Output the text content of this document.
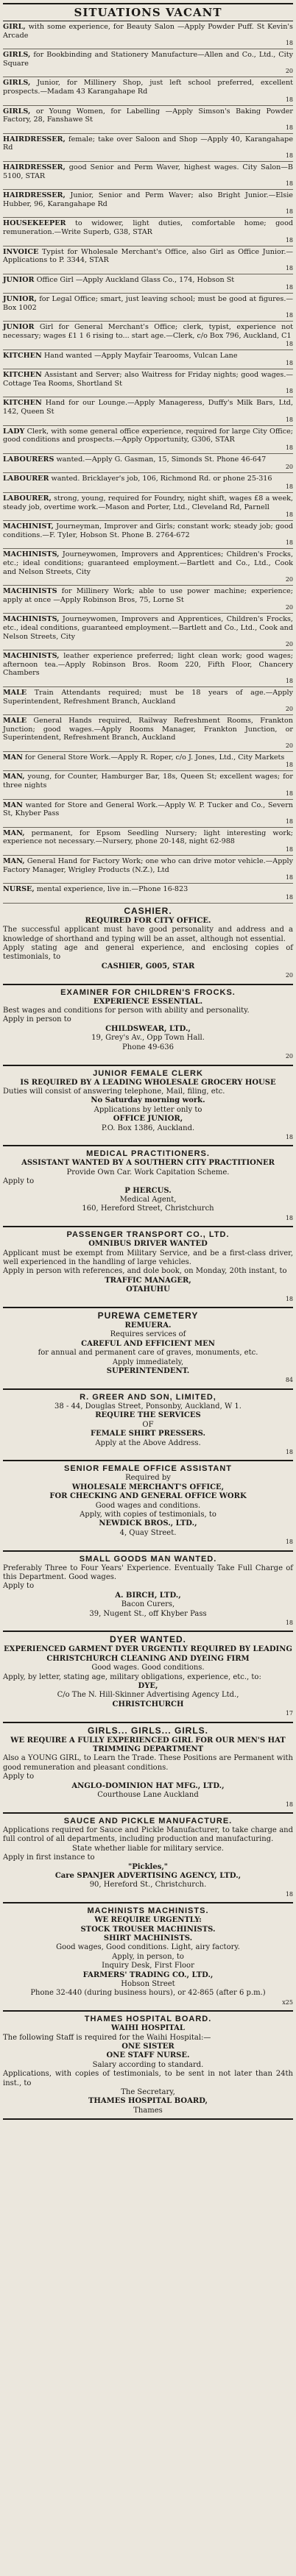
SITUATIONS VACANT
GIRL, with some experience, for Beauty Salon —Apply Powder Puff. St Kevin's Arcade
18
GIRLS, for Bookbinding and Stationery Manufacture—Allen and Co., Ltd., City Square
20
GIRLS, Junior, for Millinery Shop, just left school preferred, excellent prospects.—Madam 43 Karangahape Rd
18
GIRLS, or Young Women, for Labelling —Apply Simson's Baking Powder Factory, 28, Fanshawe St
18
HAIRDRESSER, female; take over Saloon and Shop —Apply 40, Karangahape Rd
18
HAIRDRESSER, good Senior and Perm Waver, highest wages. City Salon—B 5100, STAR
18
HAIRDRESSER, Junior, Senior and Perm Waver; also Bright Junior.—Elsie Hubber, 96, Karangahape Rd
18
HOUSEKEEPER to widower, light duties, comfortable home; good remuneration.—Write Superb, G38, STAR
18
INVOICE Typist for Wholesale Merchant's Office, also Girl as Office Junior.—Applications to P. 3344, STAR
18
JUNIOR Office Girl —Apply Auckland Glass Co., 174, Hobson St
18
JUNIOR, for Legal Office; smart, just leaving school; must be good at figures.—Box 1002
18
JUNIOR Girl for General Merchant's Office; clerk, typist, experience not necessary; wages £1 1 6 rising to... start age.—Clerk, c/o Box 796, Auckland, C1
18
KITCHEN Hand wanted —Apply Mayfair Tearooms, Vulcan Lane
18
KITCHEN Assistant and Server; also Waitress for Friday nights; good wages.—Cottage Tea Rooms, Shortland St
18
KITCHEN Hand for our Lounge.—Apply Manageress, Duffy's Milk Bars, Ltd, 142, Queen St
18
LADY Clerk, with some general office experience, required for large City Office; good conditions and prospects.—Apply Opportunity, G306, STAR
18
LABOURERS wanted.—Apply G. Gasman, 15, Simonds St. Phone 46-647
20
LABOURER wanted. Bricklayer's job, 106, Richmond Rd. or phone 25-316
18
LABOURER, strong, young, required for Foundry, night shift, wages £8 a week, steady job, overtime work.—Mason and Porter, Ltd., Cleveland Rd, Parnell
18
MACHINIST, Journeyman, Improver and Girls; constant work; steady job; good conditions.—F. Tyler, Hobson St. Phone B. 2764-672
18
MACHINISTS, Journeywomen, Improvers and Apprentices; Children's Frocks, etc.; ideal conditions; guaranteed employment.—Bartlett and Co., Ltd., Cook and Nelson Streets, City
20
MACHINISTS for Millinery Work; able to use power machine; experience; apply at once —Apply Robinson Bros, 75, Lorne St
20
MACHINISTS, Journeywomen, Improvers and Apprentices, Children's Frocks, etc., ideal conditions, guaranteed employment.—Bartlett and Co., Ltd., Cook and Nelson Streets, City
20
MACHINISTS, leather experience preferred; light clean work; good wages; afternoon tea.—Apply Robinson Bros. Room 220, Fifth Floor, Chancery Chambers
18
MALE Train Attendants required; must be 18 years of age.—Apply Superintendent, Refreshment Branch, Auckland
20
MALE General Hands required, Railway Refreshment Rooms, Frankton Junction; good wages.—Apply Rooms Manager, Frankton Junction, or Superintendent, Refreshment Branch, Auckland
20
MAN for General Store Work.—Apply R. Roper, c/o J. Jones, Ltd., City Markets
18
MAN, young, for Counter, Hamburger Bar, 18s, Queen St; excellent wages; for three nights
18
MAN wanted for Store and General Work.—Apply W. P. Tucker and Co., Severn St, Khyber Pass
18
MAN, permanent, for Epsom Seedling Nursery; light interesting work; experience not necessary.—Nursery, phone 20-148, night 62-988
18
MAN, General Hand for Factory Work; one who can drive motor vehicle.—Apply Factory Manager, Wrigley Products (N.Z.), Ltd
18
NURSE, mental experience, live in.—Phone 16-823
18
CASHIER.
REQUIRED FOR CITY OFFICE.
The successful applicant must have good personality and address and a knowledge of shorthand and typing will be an asset, although not essential.
Apply stating age and general experience, and enclosing copies of testimonials, to
CASHIER, G005, STAR
20
EXAMINER FOR CHILDREN'S FROCKS.
EXPERIENCE ESSENTIAL.
Best wages and conditions for person with ability and personality.
Apply in person to
CHILDSWEAR, LTD.,
19, Grey's Av., Opp Town Hall.
Phone 49-636
20
JUNIOR FEMALE CLERK
IS REQUIRED BY A LEADING WHOLESALE GROCERY HOUSE
Duties will consist of answering telephone, Mail, filing, etc.
No Saturday morning work.
Applications by letter only to
OFFICE JUNIOR,
P.O. Box 1386, Auckland.
18
MEDICAL PRACTITIONERS.
ASSISTANT WANTED BY A SOUTHERN CITY PRACTITIONER
Provide Own Car. Work Capitation Scheme.
Apply to
P HERCUS.
Medical Agent,
160, Hereford Street, Christchurch
18
PASSENGER TRANSPORT CO., LTD.
OMNIBUS DRIVER WANTED
Applicant must be exempt from Military Service, and be a first-class driver, well experienced in the handling of large vehicles.
Apply in person with references, and dole book, on Monday, 20th instant, to
TRAFFIC MANAGER,
OTAHUHU
18
PUREWA CEMETERY
REMUERA.
Requires services of
CAREFUL AND EFFICIENT MEN
for annual and permanent care of graves, monuments, etc.
Apply immediately,
SUPERINTENDENT.
84
R. GREER AND SON, LIMITED,
38 - 44, Douglas Street, Ponsonby, Auckland, W 1.
REQUIRE THE SERVICES
OF
FEMALE SHIRT PRESSERS.
Apply at the Above Address.
18
SENIOR FEMALE OFFICE ASSISTANT
Required by
WHOLESALE MERCHANT'S OFFICE,
FOR CHECKING AND GENERAL OFFICE WORK
Good wages and conditions.
Apply, with copies of testimonials, to
NEWDICK BROS., LTD.,
4, Quay Street.
18
SMALL GOODS MAN WANTED.
Preferably Three to Four Years' Experience. Eventually Take Full Charge of this Department. Good wages.
Apply to
A. BIRCH, LTD.,
Bacon Curers,
39, Nugent St., off Khyber Pass
18
DYER WANTED.
EXPERIENCED GARMENT DYER URGENTLY REQUIRED BY LEADING CHRISTCHURCH CLEANING AND DYEING FIRM
Good wages. Good conditions.
Apply, by letter, stating age, military obligations, experience, etc., to:
DYE,
C/o The N. Hill-Skinner Advertising Agency Ltd.,
CHRISTCHURCH
17
GIRLS... GIRLS... GIRLS.
WE REQUIRE A FULLY EXPERIENCED GIRL FOR OUR MEN'S HAT TRIMMING DEPARTMENT
Also a YOUNG GIRL, to Learn the Trade. These Positions are Permanent with good remuneration and pleasant conditions.
Apply to
ANGLO-DOMINION HAT MFG., LTD.,
Courthouse Lane Auckland
18
SAUCE AND PICKLE MANUFACTURE.
Applications required for Sauce and Pickle Manufacturer, to take charge and full control of all departments, including production and manufacturing.
State whether liable for military service.
Apply in first instance to
"Pickles,"
Care SPANJER ADVERTISING AGENCY, LTD.,
90, Hereford St., Christchurch.
18
MACHINISTS MACHINISTS.
WE REQUIRE URGENTLY:
STOCK TROUSER MACHINISTS.
SHIRT MACHINISTS.
Good wages, Good conditions. Light, airy factory.
Apply, in person, to
Inquiry Desk, First Floor
FARMERS' TRADING CO., LTD.,
Hobson Street
Phone 32-440 (during business hours), or 42-865 (after 6 p.m.)
x25
THAMES HOSPITAL BOARD.
WAIHI HOSPITAL
The following Staff is required for the Waihi Hospital:—
ONE SISTER
ONE STAFF NURSE.
Salary according to standard.
Applications, with copies of testimonials, to be sent in not later than 24th inst., to
The Secretary,
THAMES HOSPITAL BOARD,
Thames
